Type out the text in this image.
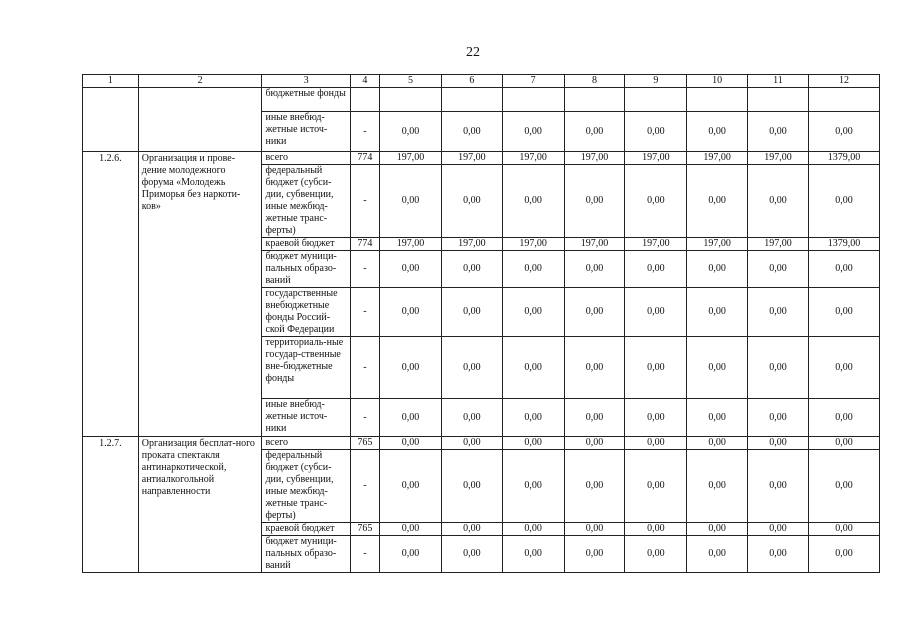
22
1	2	3	4	5	6	7	8	9	10	11	12
		бюджетные фонды									
		иные внебюд-жетные источ-ники	-	0,00	0,00	0,00	0,00	0,00	0,00	0,00	0,00
1.2.6.	Организация и прове-дение молодежного форума «Молодежь Приморья без наркоти-ков»	всего	774	197,00	197,00	197,00	197,00	197,00	197,00	197,00	1379,00
		федеральный бюджет (субси-дии, субвенции, иные межбюд-жетные транс-ферты)	-	0,00	0,00	0,00	0,00	0,00	0,00	0,00	0,00
		краевой бюджет	774	197,00	197,00	197,00	197,00	197,00	197,00	197,00	1379,00
		бюджет муници-пальных образо-ваний	-	0,00	0,00	0,00	0,00	0,00	0,00	0,00	0,00
		государственные внебюджетные фонды Россий-ской Федерации	-	0,00	0,00	0,00	0,00	0,00	0,00	0,00	0,00
		территориаль-ные государ-ственные вне-бюджетные фонды	-	0,00	0,00	0,00	0,00	0,00	0,00	0,00	0,00
		иные внебюд-жетные источ-ники	-	0,00	0,00	0,00	0,00	0,00	0,00	0,00	0,00
1.2.7.	Организация бесплат-ного проката спектакля антинаркотической, антиалкогольной направленности	всего	765	0,00	0,00	0,00	0,00	0,00	0,00	0,00	0,00
		федеральный бюджет (субси-дии, субвенции, иные межбюд-жетные транс-ферты)	-	0,00	0,00	0,00	0,00	0,00	0,00	0,00	0,00
		краевой бюджет	765	0,00	0,00	0,00	0,00	0,00	0,00	0,00	0,00
		бюджет муници-пальных образо-ваний	-	0,00	0,00	0,00	0,00	0,00	0,00	0,00	0,00
